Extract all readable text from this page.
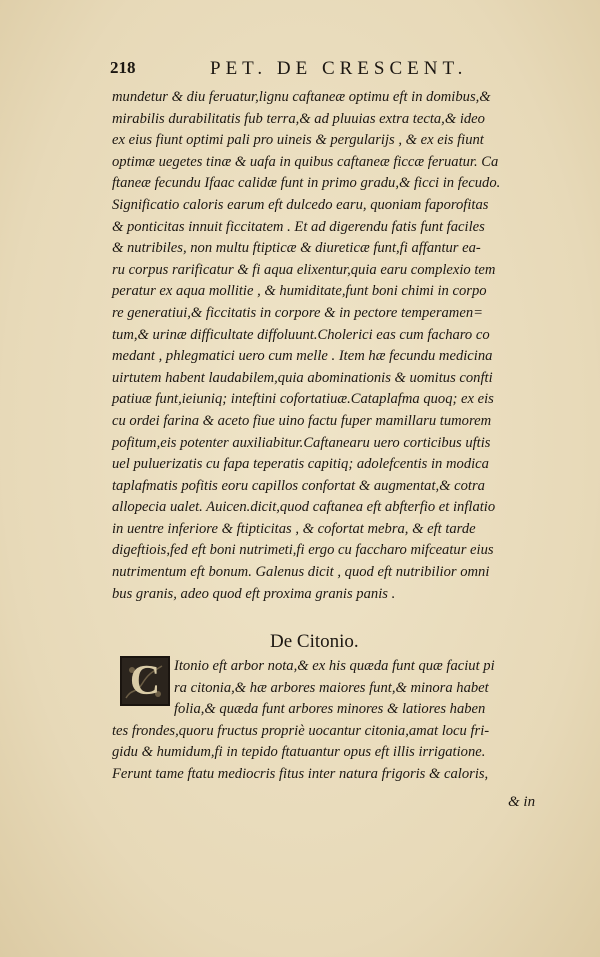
218	PET. DE CRESCENT.
mundetur & diu feruatur,lignu caftaneæ optimu eft in domibus,&
mirabilis durabilitatis fub terra,& ad pluuias extra tecta,& ideo
ex eius fiunt optimi pali pro uineis & pergularijs , & ex eis fiunt
optimæ uegetes tinæ & uafa in quibus caftaneæ ficcæ feruatur. Ca
ftaneæ fecundu Ifaac calidæ funt in primo gradu,& ficci in fecudo.
Significatio caloris earum eft dulcedo earu, quoniam faporofitas
& ponticitas innuit ficcitatem . Et ad digerendu fatis funt faciles
& nutribiles, non multu ftipticæ & diureticæ funt,fi affantur ea-
ru corpus rarificatur & fi aqua elixentur,quia earu complexio tem
peratur ex aqua mollitie , & humiditate,funt boni chimi in corpo
re generatiui,& ficcitatis in corpore & in pectore temperamen=
tum,& urinæ difficultate diffoluunt.Cholerici eas cum facharo co
medant , phlegmatici uero cum melle . Item hæ fecundu medicina
uirtutem habent laudabilem,quia abominationis & uomitus confti
patiuæ funt,ieiuniq; inteftini cofortatiuæ.Cataplafma quoq; ex eis
cu ordei farina & aceto fiue uino factu fuper mamillaru tumorem
pofitum,eis potenter auxiliabitur.Caftanearu uero corticibus uftis
uel puluerizatis cu fapa teperatis capitiq; adolefcentis in modica
taplafmatis pofitis eoru capillos confortat & augmentat,& cotra
allopecia ualet. Auicen.dicit,quod caftanea eft abfterfio et inflatio
in uentre inferiore & ftipticitas , & cofortat mebra, & eft tarde
digeftiois,fed eft boni nutrimeti,fi ergo cu faccharo mifceatur eius
nutrimentum eft bonum. Galenus dicit , quod eft nutribilior omni
bus granis, adeo quod eft proxima granis panis .
De Citonio.
Itonio eft arbor nota,& ex his quæda funt quæ faciut pi
ra citonia,& hæ arbores maiores funt,& minora habet
folia,& quæda funt arbores minores & latiores haben
tes frondes,quoru fructus propriè uocantur citonia,amat locu fri-
gidu & humidum,fi in tepido ftatuantur opus eft illis irrigatione.
Ferunt tame ftatu mediocris fitus inter natura frigoris & caloris,
C
& in
